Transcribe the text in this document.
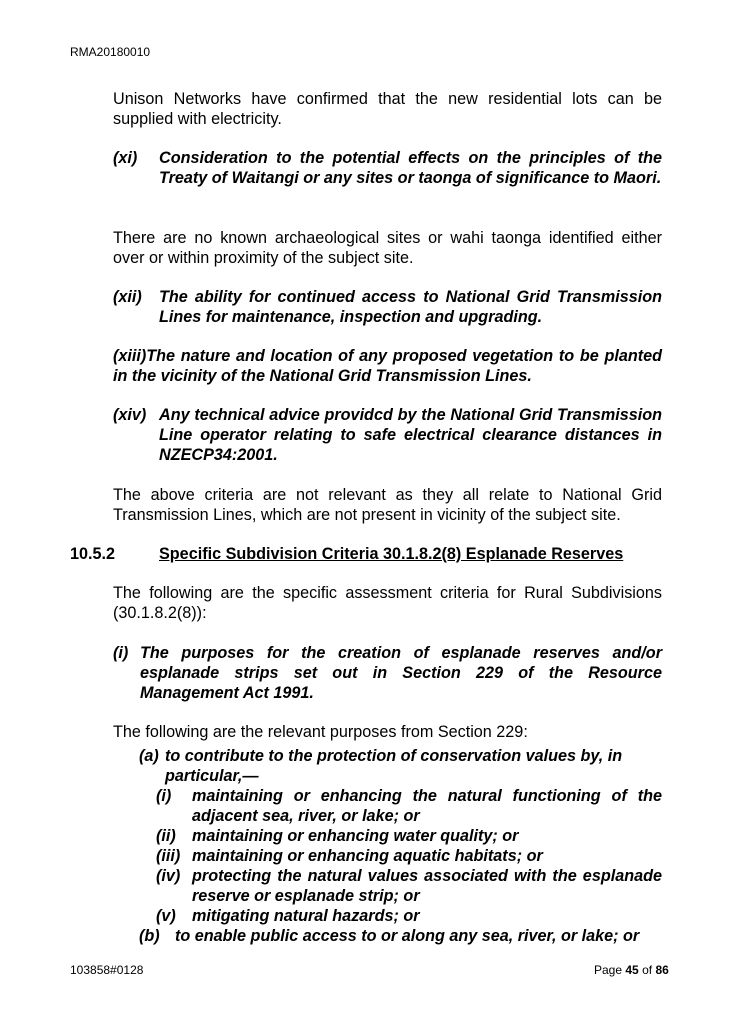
RMA20180010
Unison Networks have confirmed that the new residential lots can be supplied with electricity.
(xi) Consideration to the potential effects on the principles of the Treaty of Waitangi or any sites or taonga of significance to Maori.
There are no known archaeological sites or wahi taonga identified either over or within proximity of the subject site.
(xii) The ability for continued access to National Grid Transmission Lines for maintenance, inspection and upgrading.
(xiii)The nature and location of any proposed vegetation to be planted in the vicinity of the National Grid Transmission Lines.
(xiv) Any technical advice providcd by the National Grid Transmission Line operator relating to safe electrical clearance distances in NZECP34:2001.
The above criteria are not relevant as they all relate to National Grid Transmission Lines, which are not present in vicinity of the subject site.
10.5.2	Specific Subdivision Criteria 30.1.8.2(8) Esplanade Reserves
The following are the specific assessment criteria for Rural Subdivisions (30.1.8.2(8)):
(i) The purposes for the creation of esplanade reserves and/or esplanade strips set out in Section 229 of the Resource Management Act 1991.
The following are the relevant purposes from Section 229:
(a) to contribute to the protection of conservation values by, in particular,—
(i) maintaining or enhancing the natural functioning of the adjacent sea, river, or lake; or
(ii) maintaining or enhancing water quality; or
(iii) maintaining or enhancing aquatic habitats; or
(iv) protecting the natural values associated with the esplanade reserve or esplanade strip; or
(v) mitigating natural hazards; or
(b) to enable public access to or along any sea, river, or lake; or
103858#0128	Page 45 of 86
